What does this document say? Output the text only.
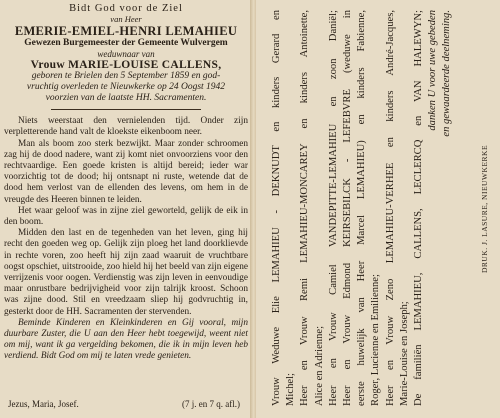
Bidt God voor de Ziel
van Heer
EMERIE-EMIEL-HENRI LEMAHIEU
Gewezen Burgemeester der Gemeente Wulvergem
weduwnaar van
Vrouw MARIE-LOUISE CALLENS,
geboren te Brielen den 5 September 1859 en god-
vruchtig overleden te Nieuwkerke op 24 Oogst 1942
voorzien van de laatste HH. Sacramenten.

Niets weerstaat den vernielenden tijd. Onder zijn verpletterende hand valt de kloekste eikenboom neer.

Man als boom zoo sterk bezwijkt. Maar zonder schroomen zag hij de dood nadere, want zij komt niet onvoorziens voor den rechtvaardige. Een goede kristen is altijd bereid; ieder war voorzichtig tot de dood; hij ontsnapt ni ruste, wetende dat de dood hem verlost van de ellenden des levens, om hem in de vreugde des Heeren binnen te leiden.

Het waar geloof was in zijne ziel geworteld, gelijk de eik in den boom.

Midden den last en de tegenheden van het leven, ging hij recht den goeden weg op. Gelijk zijn ploeg het land doorklievde in rechte voren, zoo heeft hij zijn zaad waaruit de vruchtbare oogst opschiet, uitstrooide, zoo hield hij het beeld van zijn eigene verrijzenis voor oogen. Verdienstig was zijn leven in eenvoudige maar onrustbare bedrijvigheid voor zijn talrijk kroost. Schoon was zijne dood. Stil en vreedzaam sliep hij godvruchtig in, gesterkt door de HH. Sacramenten der stervenden.

Beminde Kinderen en Kleinkinderen en Gij vooral, mijn duurbare Zuster, die U aan den Heer hebt toegewijd, weent niet om mij, want ik ga vergelding bekomen, die ik in mijn leven heb verdiend. Bidt God om mij te laten vrede genieten.

Jezus, Maria, Josef.	(7 j. en 7 q. afl.)	Vrouw Weduwe Elie LEMAHIEU - DEKNUDT en kinders Gerard en Michel; Heer en Vrouw Remi LEMAHIEU-MONCAREY en kinders Antoinette, Alice en Adrienne; Heer en Vrouw Camiel VANDEPITTE-LEMAHIEU en zoon Daniël; Heer en Vrouw Edmond KEIRSEBILCK - LEFEBVRE (weduwe in eerste huwelijk van Heer Marcel LEMAHIEU) en kinders Fabienne, Roger, Lucienne en Emilienne; Heer en Vrouw Zeno LEMAHIEU-VERHEE en kinders André-Jacques, Marie-Louise en Joseph; De familiën LEMAHIEU, CALLENS, LECLERCQ en VAN HALEWYN; danken U voor uwe gebeden en gewaardeerde deelneming.
DRUK. J. LASURE, NIEUWKERKE
